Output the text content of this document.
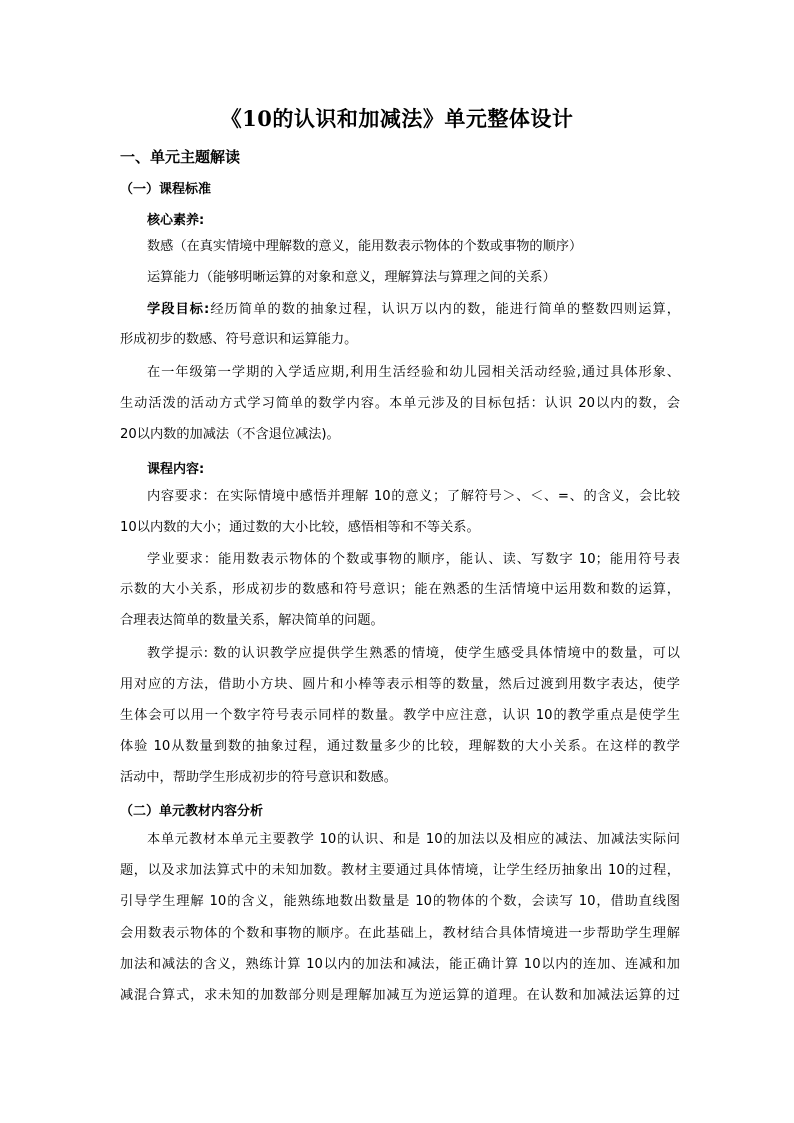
《10的认识和加减法》单元整体设计
一、单元主题解读
（一）课程标准
核心素养:
数感（在真实情境中理解数的意义，能用数表示物体的个数或事物的顺序）
运算能力（能够明晰运算的对象和意义，理解算法与算理之间的关系）
学段目标:经历简单的数的抽象过程，认识万以内的数，能进行简单的整数四则运算，
形成初步的数感、符号意识和运算能力。
在一年级第一学期的入学适应期,利用生活经验和幼儿园相关活动经验,通过具体形象、
生动活泼的活动方式学习简单的数学内容。本单元涉及的目标包括：认识 20以内的数，会
20以内数的加减法（不含退位减法)。
课程内容:
内容要求：在实际情境中感悟并理解 10的意义；了解符号＞、＜、=、的含义，会比较
10以内数的大小；通过数的大小比较，感悟相等和不等关系。
学业要求：能用数表示物体的个数或事物的顺序，能认、读、写数字 10；能用符号表
示数的大小关系，形成初步的数感和符号意识；能在熟悉的生活情境中运用数和数的运算，
合理表达简单的数量关系，解决简单的问题。
教学提示: 数的认识教学应提供学生熟悉的情境，使学生感受具体情境中的数量，可以
用对应的方法，借助小方块、圆片和小棒等表示相等的数量，然后过渡到用数字表达，使学
生体会可以用一个数字符号表示同样的数量。教学中应注意，认识 10的教学重点是使学生
体验 10从数量到数的抽象过程，通过数量多少的比较，理解数的大小关系。在这样的教学
活动中，帮助学生形成初步的符号意识和数感。
（二）单元教材内容分析
本单元教材本单元主要教学 10的认识、和是 10的加法以及相应的减法、加减法实际问
题，以及求加法算式中的未知加数。教材主要通过具体情境，让学生经历抽象出 10的过程，
引导学生理解 10的含义，能熟练地数出数量是 10的物体的个数，会读写 10，借助直线图
会用数表示物体的个数和事物的顺序。在此基础上，教材结合具体情境进一步帮助学生理解
加法和减法的含义，熟练计算 10以内的加法和减法，能正确计算 10以内的连加、连减和加
减混合算式，求未知的加数部分则是理解加减互为逆运算的道理。在认数和加减法运算的过
